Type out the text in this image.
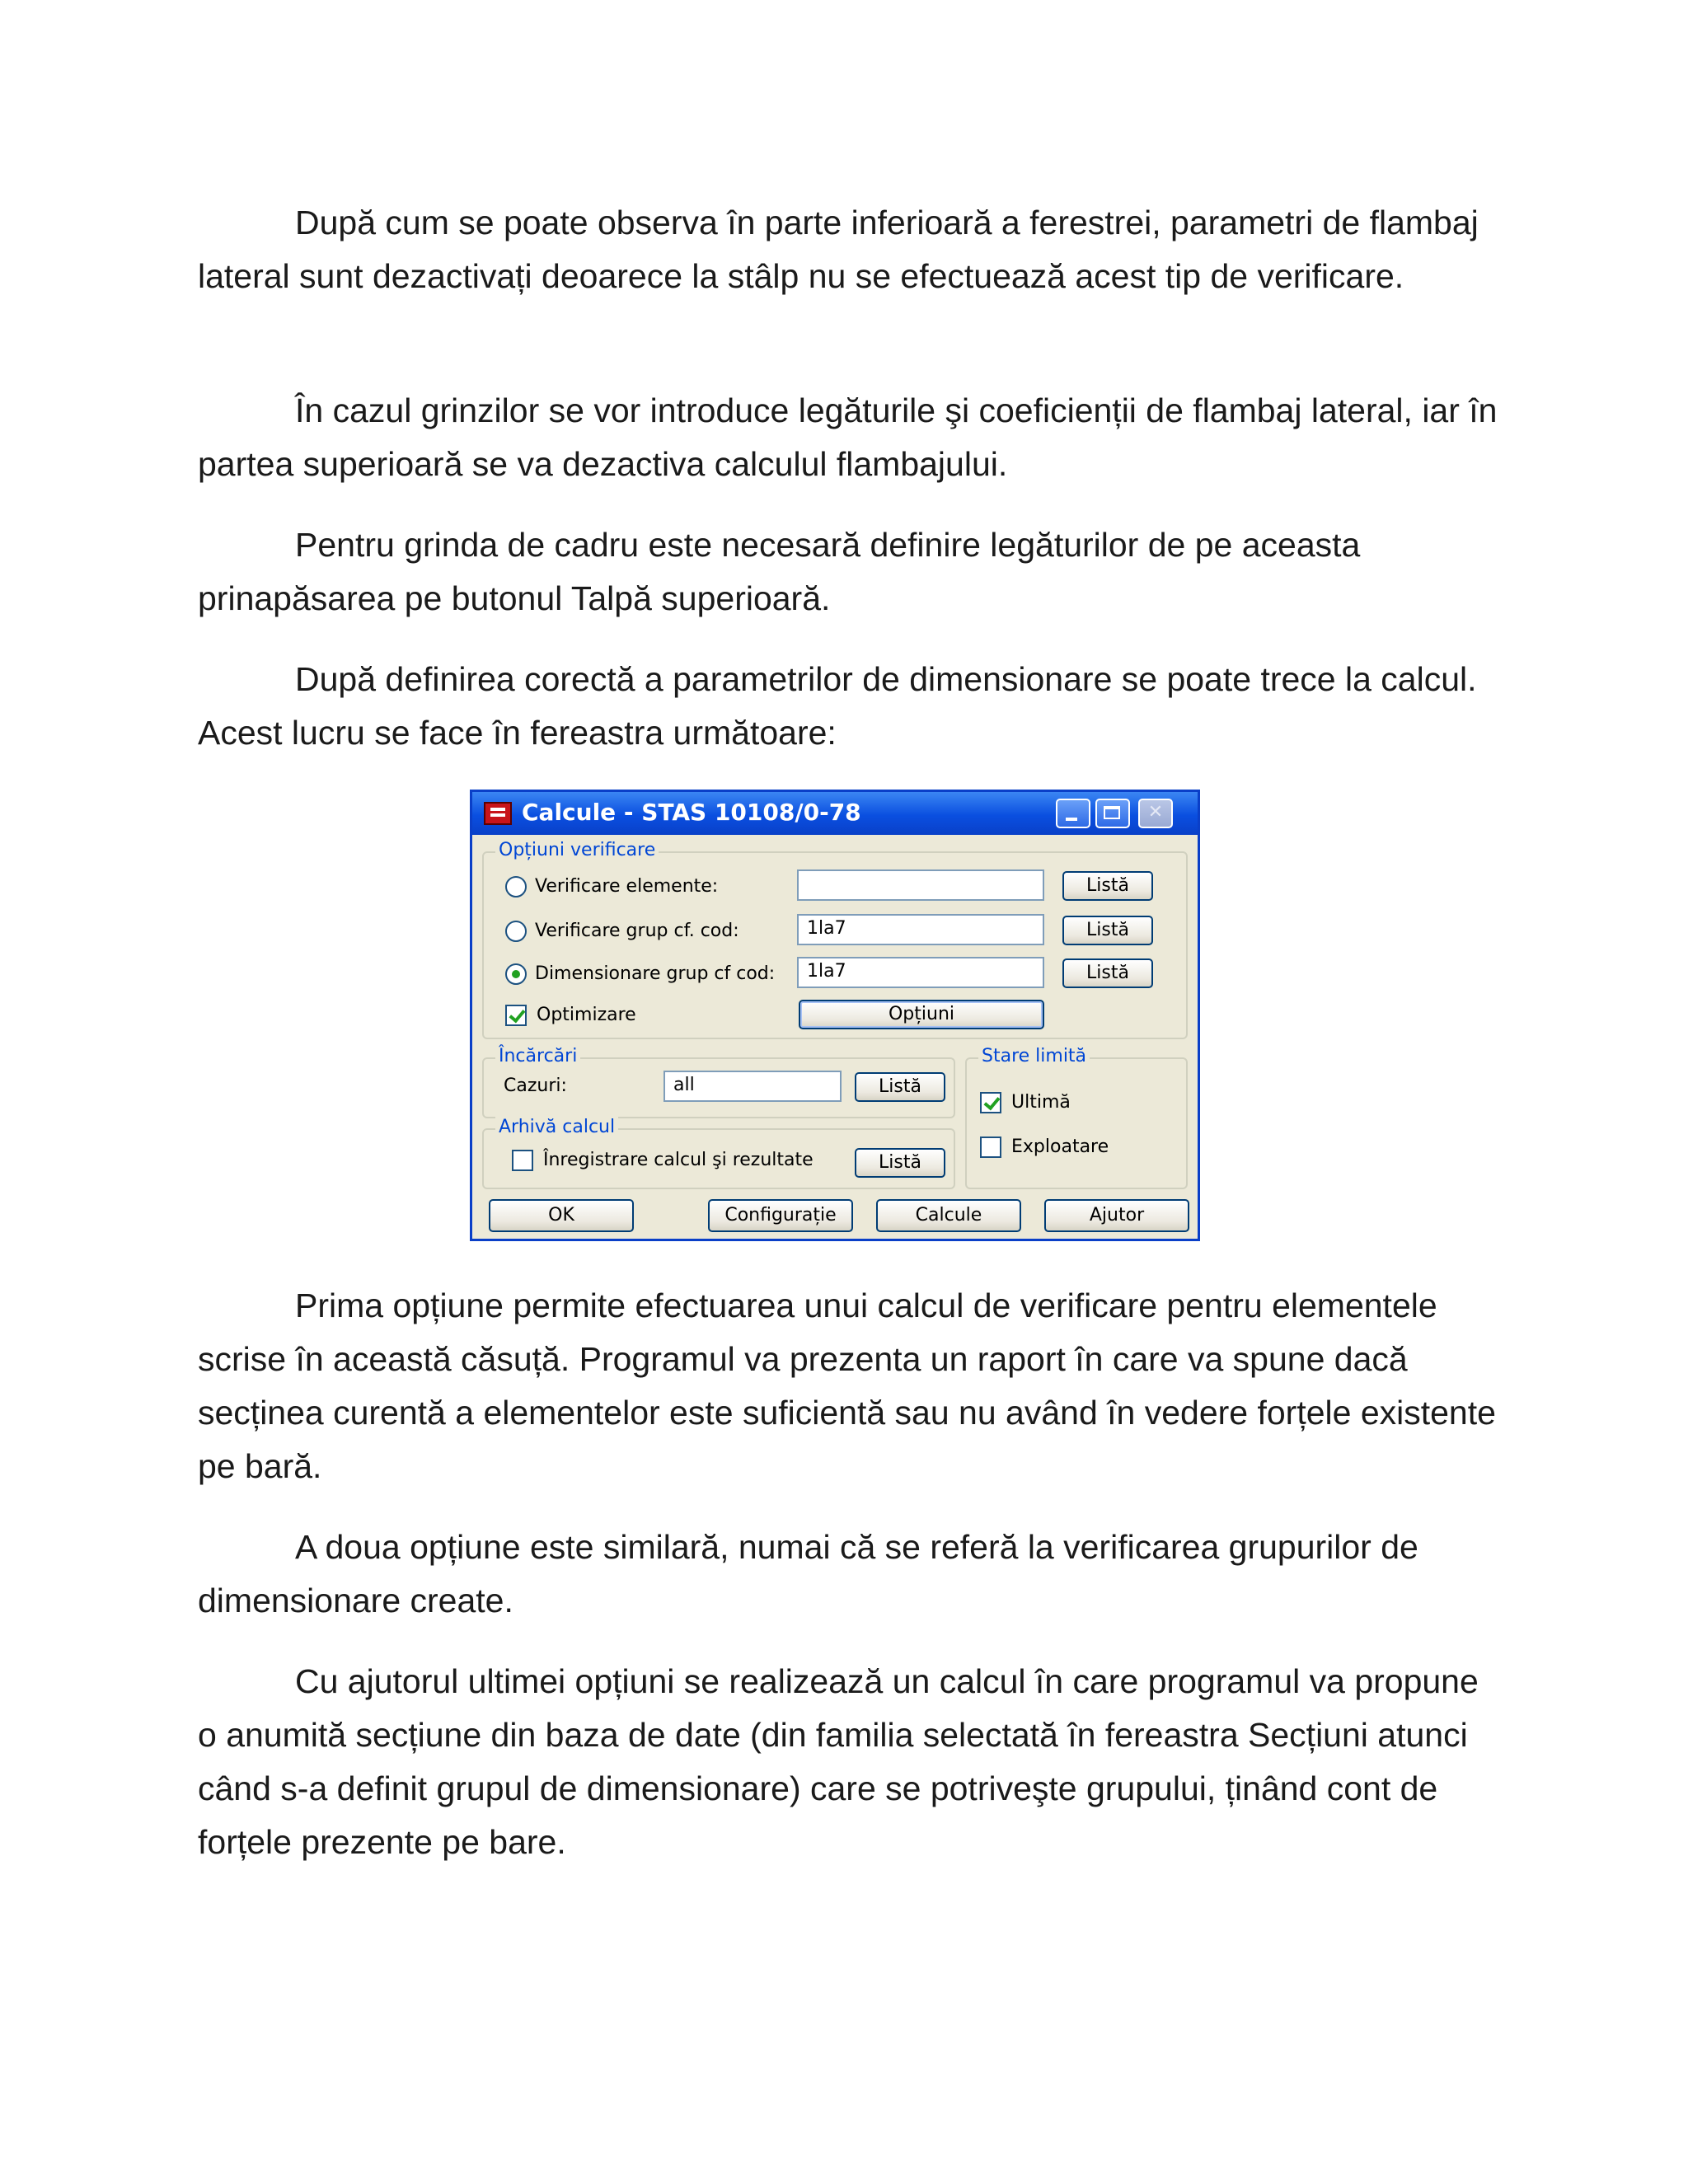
După cum se poate observa în parte inferioară a ferestrei, parametri de flambaj lateral sunt dezactivați deoarece la stâlp nu se efectuează acest tip de verificare.

În cazul grinzilor se vor introduce legăturile şi coeficienții de flambaj lateral, iar în partea superioară se va dezactiva calculul flambajului.

Pentru grinda de cadru este necesară definire legăturilor de pe aceasta prinapăsarea pe butonul Talpă superioară.

După definirea corectă a parametrilor de dimensionare se poate trece la calcul. Acest lucru se face în fereastra următoare:

Calcule - STAS 10108/0-78	✕
Opțiuni verificare
Verificare elemente:	Listă
Verificare grup cf. cod:	1la7	Listă
Dimensionare grup cf cod:	1la7	Listă
Optimizare	Opțiuni
Încărcări
Cazuri:	all	Listă
Arhivă calcul
Înregistrare calcul şi rezultate	Listă
Stare limită
Ultimă
Exploatare
OK	Configurație	Calcule	Ajutor

Prima opțiune permite efectuarea unui calcul de verificare pentru elementele scrise în această căsuță. Programul va prezenta un raport în care va spune dacă secținea curentă a elementelor este suficientă sau nu având în vedere forțele existente pe bară.

A doua opțiune este similară, numai că se referă la verificarea grupurilor de dimensionare create.

Cu ajutorul ultimei opțiuni se realizează un calcul în care programul va propune o anumită secțiune din baza de date (din familia selectată în fereastra Secțiuni atunci când s-a definit grupul de dimensionare) care se potriveşte grupului, ținând cont de forțele prezente pe bare.
